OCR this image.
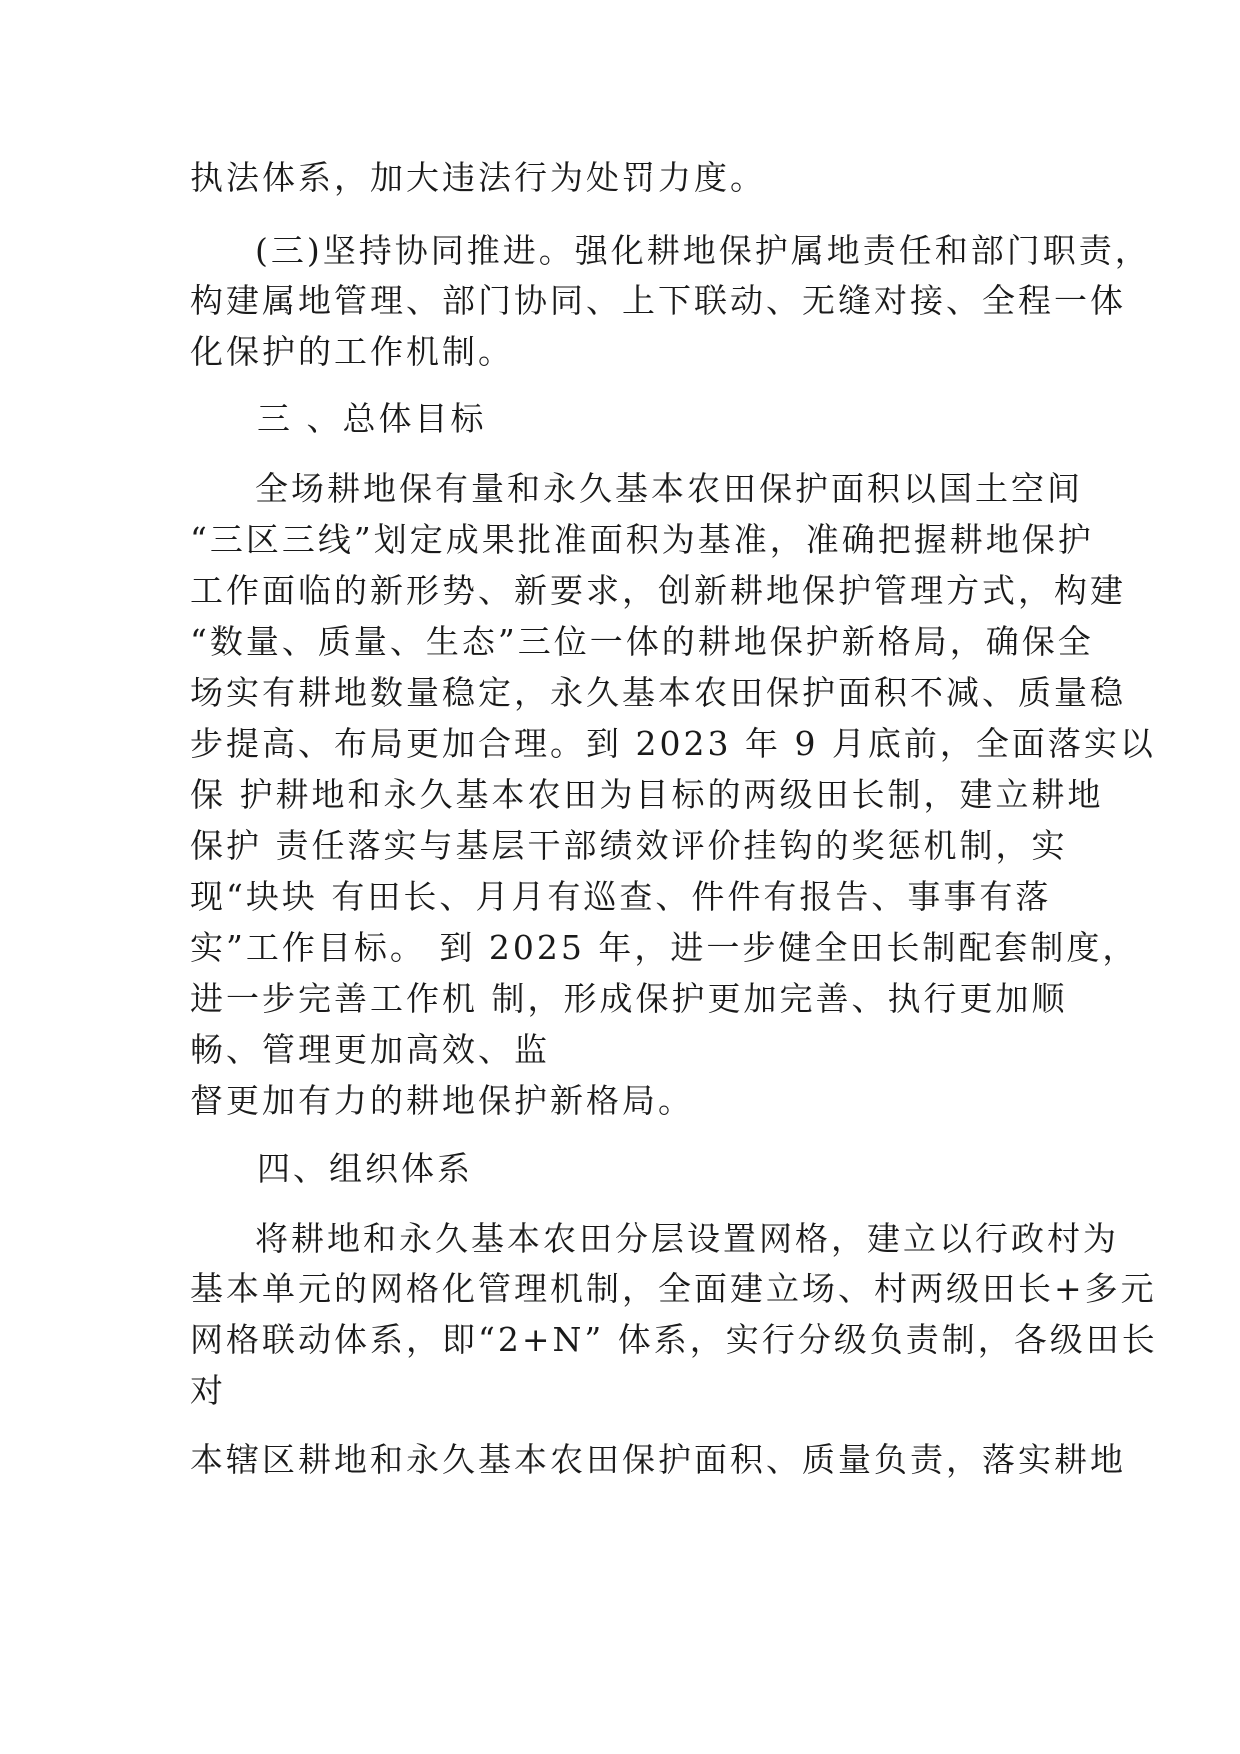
执法体系，加大违法行为处罚力度。
(三)坚持协同推进。强化耕地保护属地责任和部门职责，
构建属地管理、部门协同、上下联动、无缝对接、全程一体
化保护的工作机制。
三 、总体目标
全场耕地保有量和永久基本农田保护面积以国土空间
“三区三线”划定成果批准面积为基准，准确把握耕地保护
工作面临的新形势、新要求，创新耕地保护管理方式，构建
“数量、质量、生态”三位一体的耕地保护新格局，确保全
场实有耕地数量稳定，永久基本农田保护面积不减、质量稳
步提高、布局更加合理。到 2023 年 9 月底前，全面落实以
保 护耕地和永久基本农田为目标的两级田长制，建立耕地
保护 责任落实与基层干部绩效评价挂钩的奖惩机制，实
现“块块 有田长、月月有巡查、件件有报告、事事有落
实”工作目标。 到 2025 年，进一步健全田长制配套制度，
进一步完善工作机 制，形成保护更加完善、执行更加顺
畅、管理更加高效、监
督更加有力的耕地保护新格局。
四、组织体系
将耕地和永久基本农田分层设置网格，建立以行政村为
基本单元的网格化管理机制，全面建立场、村两级田长+多元
网格联动体系，即“2+N” 体系，实行分级负责制，各级田长
对
本辖区耕地和永久基本农田保护面积、质量负责，落实耕地
